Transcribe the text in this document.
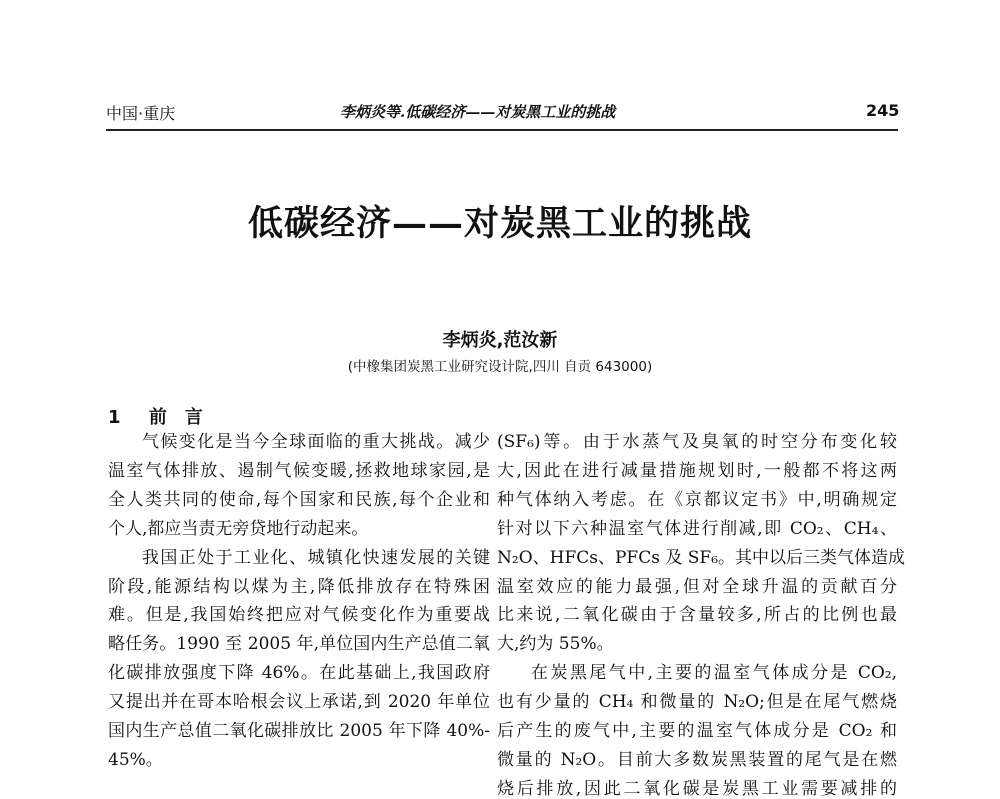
中国·重庆	李炳炎等.低碳经济——对炭黑工业的挑战	245
低碳经济——对炭黑工业的挑战
李炳炎,范汝新
(中橡集团炭黑工业研究设计院,四川 自贡 643000)
1 前　言
气候变化是当今全球面临的重大挑战。减少
温室气体排放、遏制气候变暖,拯救地球家园,是
全人类共同的使命,每个国家和民族,每个企业和
个人,都应当责无旁贷地行动起来。
我国正处于工业化、城镇化快速发展的关键
阶段,能源结构以煤为主,降低排放存在特殊困
难。但是,我国始终把应对气候变化作为重要战
略任务。1990 至 2005 年,单位国内生产总值二氧
化碳排放强度下降 46%。在此基础上,我国政府
又提出并在哥本哈根会议上承诺,到 2020 年单位
国内生产总值二氧化碳排放比 2005 年下降 40%-
45%。
(SF₆)等。由于水蒸气及臭氧的时空分布变化较
大,因此在进行减量措施规划时,一般都不将这两
种气体纳入考虑。在《京都议定书》中,明确规定
针对以下六种温室气体进行削减,即 CO₂、CH₄、
N₂O、HFCs、PFCs 及 SF₆。其中以后三类气体造成
温室效应的能力最强,但对全球升温的贡献百分
比来说,二氧化碳由于含量较多,所占的比例也最
大,约为 55%。
在炭黑尾气中,主要的温室气体成分是 CO₂,
也有少量的 CH₄ 和微量的 N₂O;但是在尾气燃烧
后产生的废气中,主要的温室气体成分是 CO₂ 和
微量的 N₂O。目前大多数炭黑装置的尾气是在燃
烧后排放,因此二氧化碳是炭黑工业需要减排的
